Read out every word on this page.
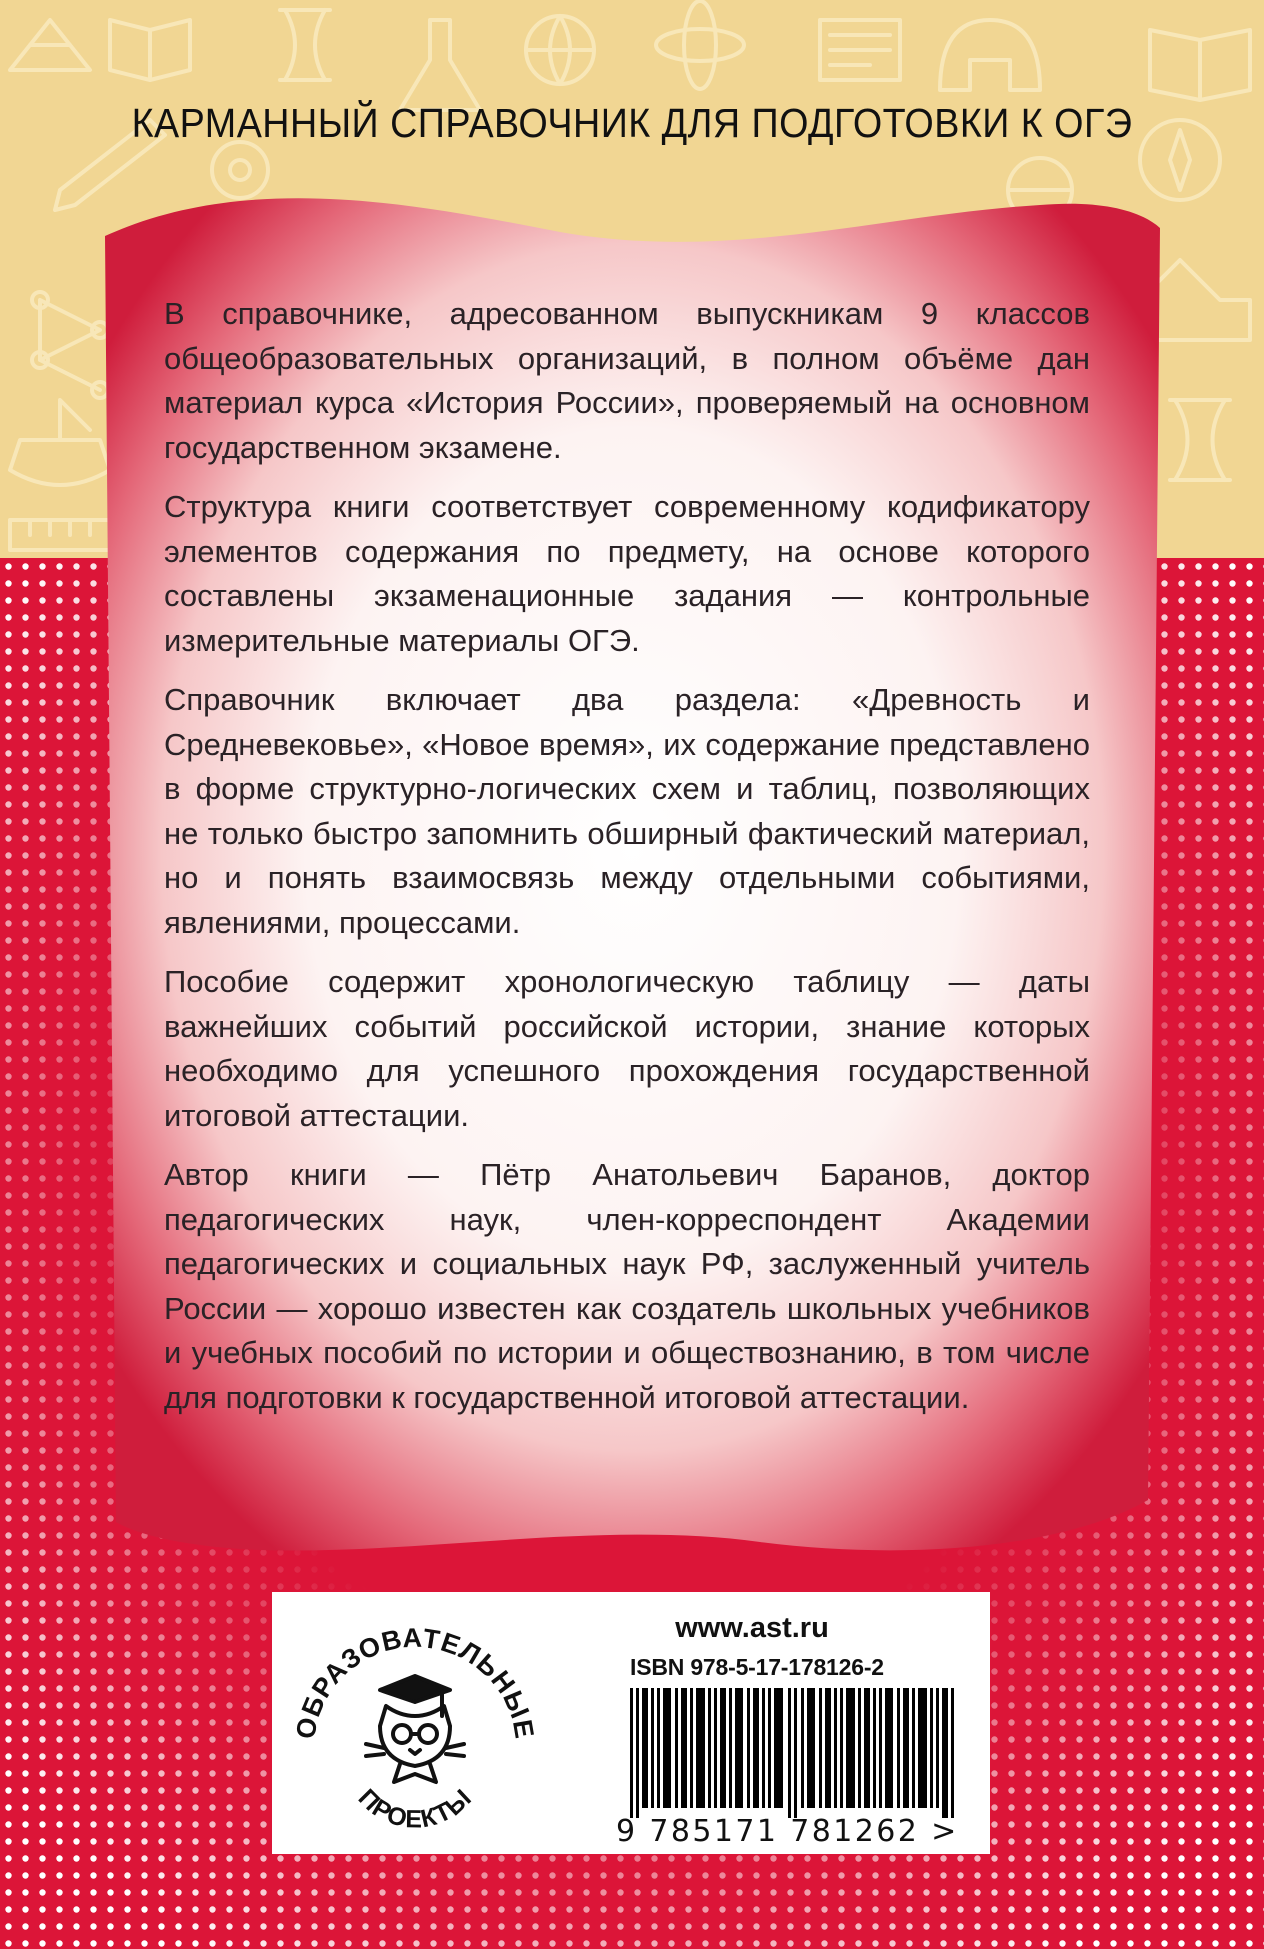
КАРМАННЫЙ СПРАВОЧНИК ДЛЯ ПОДГОТОВКИ К ОГЭ

В справочнике, адресованном выпускникам 9 классов общеобразовательных организаций, в полном объёме дан материал курса «История России», проверяемый на основном государственном экзамене.

Структура книги соответствует современному кодификатору элементов содержания по предмету, на основе которого составлены экзаменационные задания — контрольные измерительные материалы ОГЭ.

Справочник включает два раздела: «Древность и Средневековье», «Новое время», их содержание представлено в форме структурно-логических схем и таблиц, позволяющих не только быстро запомнить обширный фактический материал, но и понять взаимосвязь между отдельными событиями, явлениями, процессами.

Пособие содержит хронологическую таблицу — даты важнейших событий российской истории, знание которых необходимо для успешного прохождения государственной итоговой аттестации.

Автор книги — Пётр Анатольевич Баранов, доктор педагогических наук, член-корреспондент Академии педагогических и социальных наук РФ, заслуженный учитель России — хорошо известен как создатель школьных учебников и учебных пособий по истории и обществознанию, в том числе для подготовки к государственной итоговой аттестации.

ОБРАЗОВАТЕЛЬНЫЕ
ПРОЕКТЫ
www.ast.ru
ISBN 978-5-17-178126-2
9 785171 781262 >
